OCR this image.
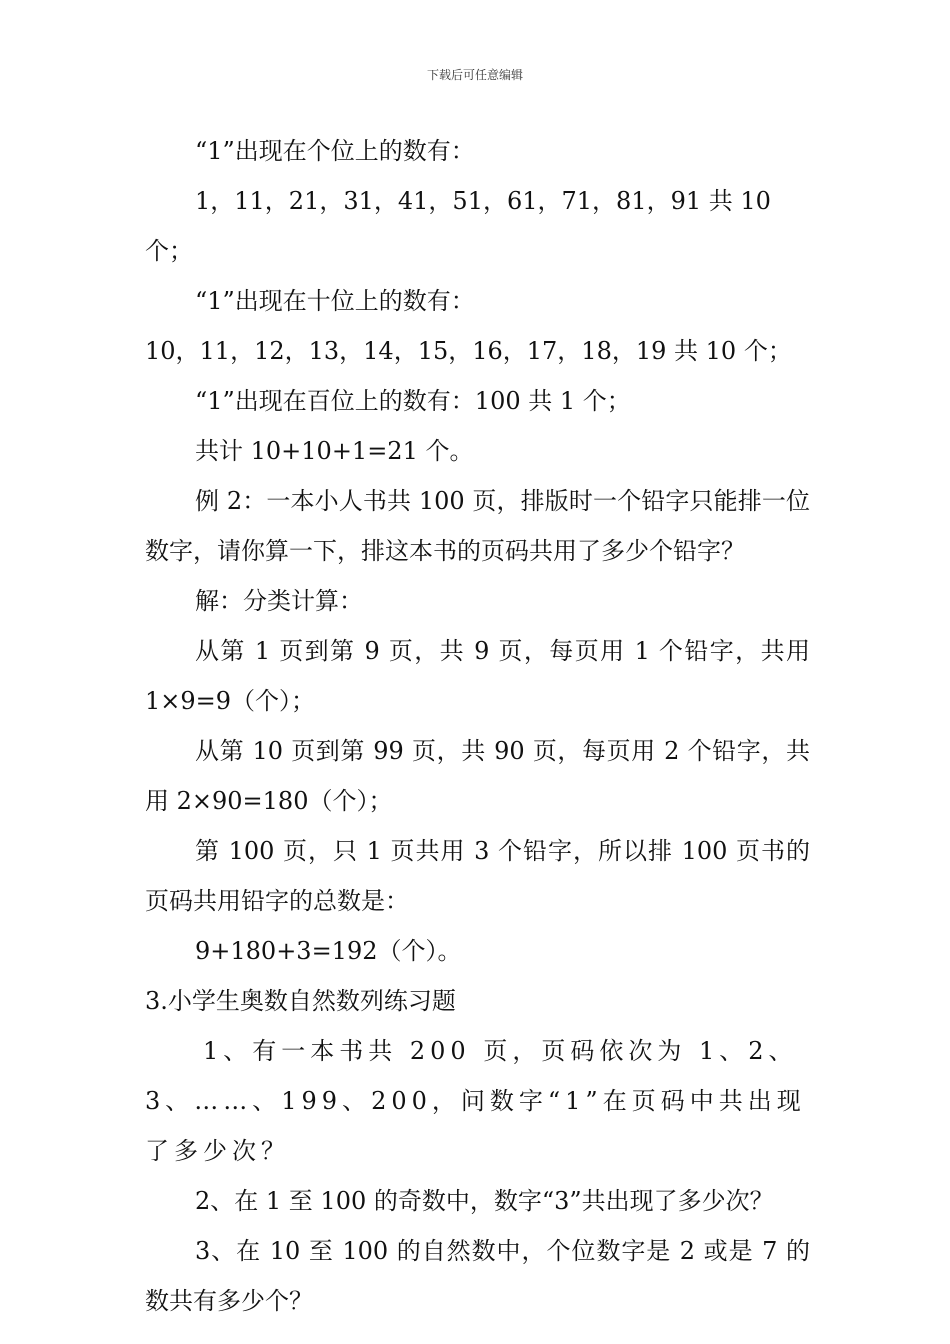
下载后可任意编辑

“1”出现在个位上的数有：

1，11，21，31，41，51，61，71，81，91 共 10 个；

“1”出现在十位上的数有：

10，11，12，13，14，15，16，17，18，19 共 10 个；

“1”出现在百位上的数有：100 共 1 个；

共计 10+10+1=21 个。

例 2：一本小人书共 100 页，排版时一个铅字只能排一位数字，请你算一下，排这本书的页码共用了多少个铅字？

解：分类计算：

从第 1 页到第 9 页，共 9 页，每页用 1 个铅字，共用 1×9=9（个）；

从第 10 页到第 99 页，共 90 页，每页用 2 个铅字，共用 2×90=180（个）；

第 100 页，只 1 页共用 3 个铅字，所以排 100 页书的页码共用铅字的总数是：

9+180+3=192（个）。

3.小学生奥数自然数列练习题

1、有一本书共 200 页，页码依次为 1、2、3、……、199、200，问数字“1”在页码中共出现了多少次？

2、在 1 至 100 的奇数中，数字“3”共出现了多少次？

3、在 10 至 100 的自然数中，个位数字是 2 或是 7 的数共有多少个？
